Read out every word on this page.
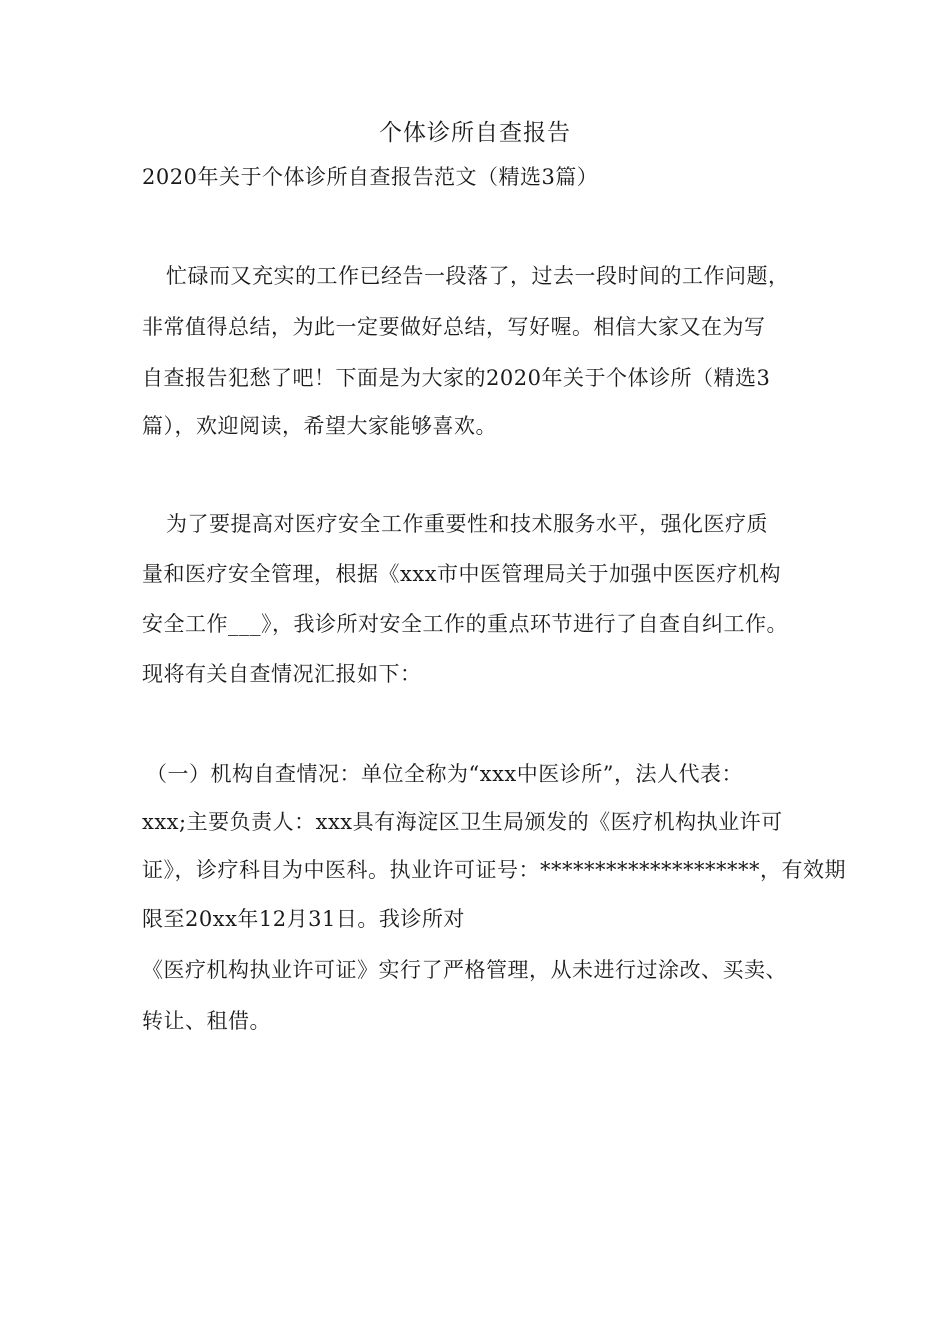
个体诊所自查报告
2020年关于个体诊所自查报告范文（精选3篇）
忙碌而又充实的工作已经告一段落了，过去一段时间的工作问题，
非常值得总结，为此一定要做好总结，写好喔。相信大家又在为写
自查报告犯愁了吧！下面是为大家的2020年关于个体诊所（精选3
篇），欢迎阅读，希望大家能够喜欢。
为了要提高对医疗安全工作重要性和技术服务水平，强化医疗质
量和医疗安全管理，根据《xxx市中医管理局关于加强中医医疗机构
安全工作___》，我诊所对安全工作的重点环节进行了自查自纠工作。
现将有关自查情况汇报如下：
（一）机构自查情况：单位全称为“xxx中医诊所”，法人代表：
xxx;主要负责人：xxx具有海淀区卫生局颁发的《医疗机构执业许可
证》，诊疗科目为中医科。执业许可证号：********************，有效期
限至20xx年12月31日。我诊所对
《医疗机构执业许可证》实行了严格管理，从未进行过涂改、买卖、
转让、租借。
